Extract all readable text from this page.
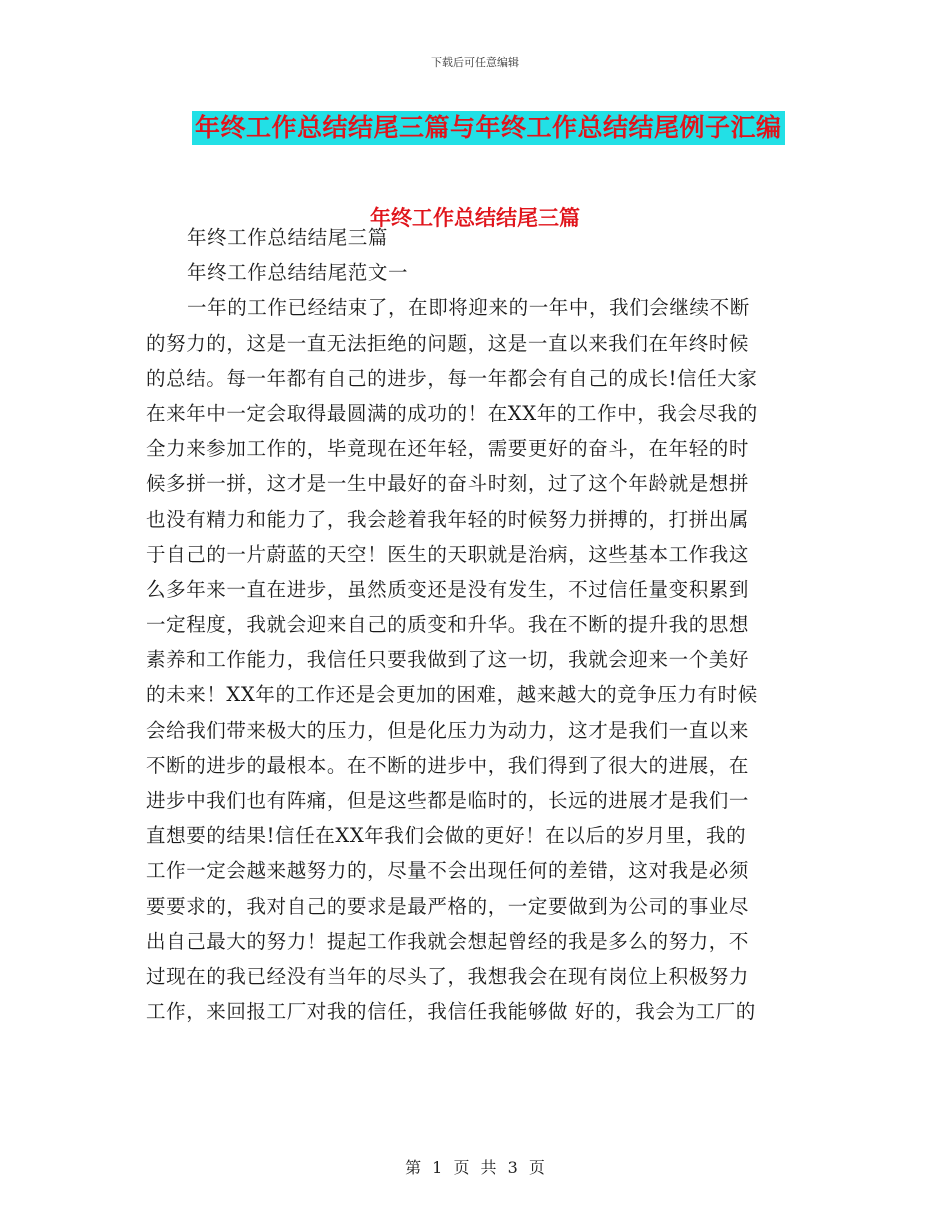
下载后可任意编辑
年终工作总结结尾三篇与年终工作总结结尾例子汇编
年终工作总结结尾三篇
年终工作总结结尾三篇
年终工作总结结尾范文一
一年的工作已经结束了，在即将迎来的一年中，我们会继续不断
的努力的，这是一直无法拒绝的问题，这是一直以来我们在年终时候
的总结。每一年都有自己的进步，每一年都会有自己的成长!信任大家
在来年中一定会取得最圆满的成功的！在XX年的工作中，我会尽我的
全力来参加工作的，毕竟现在还年轻，需要更好的奋斗，在年轻的时
候多拼一拼，这才是一生中最好的奋斗时刻，过了这个年龄就是想拼
也没有精力和能力了，我会趁着我年轻的时候努力拼搏的，打拼出属
于自己的一片蔚蓝的天空！医生的天职就是治病，这些基本工作我这
么多年来一直在进步，虽然质变还是没有发生，不过信任量变积累到
一定程度，我就会迎来自己的质变和升华。我在不断的提升我的思想
素养和工作能力，我信任只要我做到了这一切，我就会迎来一个美好
的未来！XX年的工作还是会更加的困难，越来越大的竞争压力有时候
会给我们带来极大的压力，但是化压力为动力，这才是我们一直以来
不断的进步的最根本。在不断的进步中，我们得到了很大的进展，在
进步中我们也有阵痛，但是这些都是临时的，长远的进展才是我们一
直想要的结果!信任在XX年我们会做的更好！在以后的岁月里，我的
工作一定会越来越努力的，尽量不会出现任何的差错，这对我是必须
要要求的，我对自己的要求是最严格的，一定要做到为公司的事业尽
出自己最大的努力！提起工作我就会想起曾经的我是多么的努力，不
过现在的我已经没有当年的尽头了，我想我会在现有岗位上积极努力
工作，来回报工厂对我的信任，我信任我能够做 好的，我会为工厂的
第 1 页 共 3 页
